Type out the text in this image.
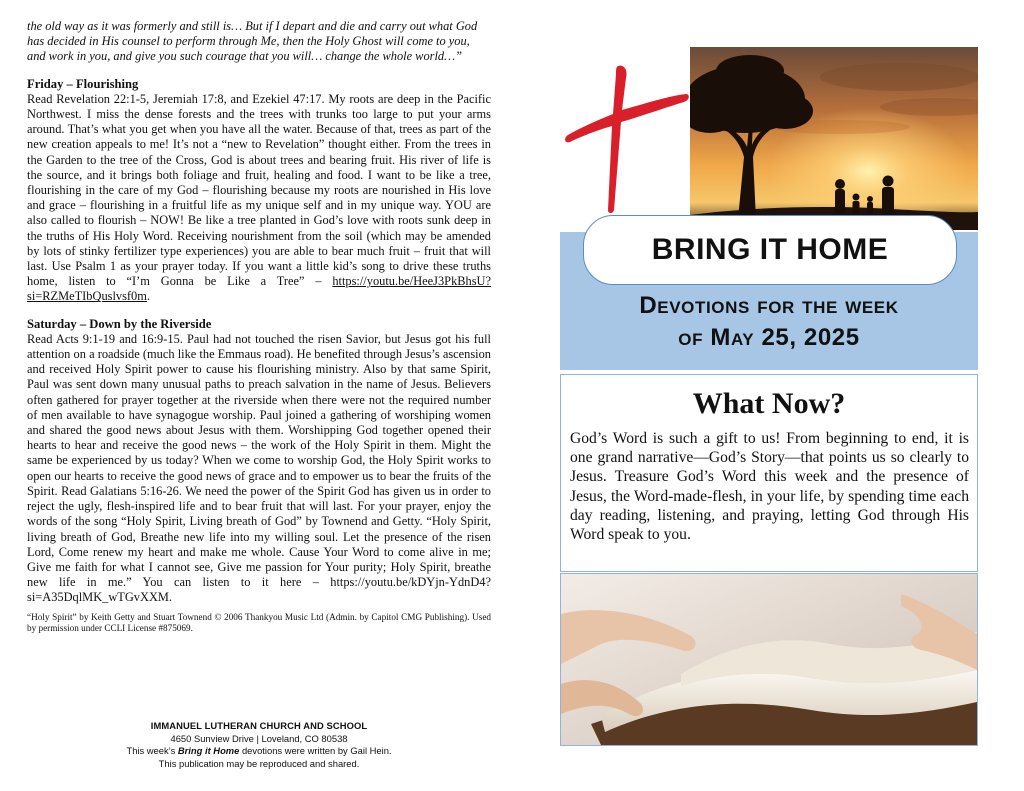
the old way as it was formerly and still is… But if I depart and die and carry out what God has decided in His counsel to perform through Me, then the Holy Ghost will come to you, and work in you, and give you such courage that you will… change the whole world…”

Friday – Flourishing

Read Revelation 22:1-5, Jeremiah 17:8, and Ezekiel 47:17. My roots are deep in the Pacific Northwest. I miss the dense forests and the trees with trunks too large to put your arms around. That’s what you get when you have all the water. Because of that, trees as part of the new creation appeals to me! It’s not a “new to Revelation” thought either. From the trees in the Garden to the tree of the Cross, God is about trees and bearing fruit. His river of life is the source, and it brings both foliage and fruit, healing and food. I want to be like a tree, flourishing in the care of my God – flourishing because my roots are nourished in His love and grace – flourishing in a fruitful life as my unique self and in my unique way. YOU are also called to flourish – NOW! Be like a tree planted in God’s love with roots sunk deep in the truths of His Holy Word. Receiving nourishment from the soil (which may be amended by lots of stinky fertilizer type experiences) you are able to bear much fruit – fruit that will last. Use Psalm 1 as your prayer today. If you want a little kid’s song to drive these truths home, listen to “I’m Gonna be Like a Tree” – https://youtu.be/HeeJ3PkBhsU?si=RZMeTIbQuslvsf0m.

Saturday – Down by the Riverside

Read Acts 9:1-19 and 16:9-15. Paul had not touched the risen Savior, but Jesus got his full attention on a roadside (much like the Emmaus road). He benefited through Jesus’s ascension and received Holy Spirit power to cause his flourishing ministry. Also by that same Spirit, Paul was sent down many unusual paths to preach salvation in the name of Jesus. Believers often gathered for prayer together at the riverside when there were not the required number of men available to have synagogue worship. Paul joined a gathering of worshiping women and shared the good news about Jesus with them. Worshipping God together opened their hearts to hear and receive the good news – the work of the Holy Spirit in them. Might the same be experienced by us today? When we come to worship God, the Holy Spirit works to open our hearts to receive the good news of grace and to empower us to bear the fruits of the Spirit. Read Galatians 5:16-26. We need the power of the Spirit God has given us in order to reject the ugly, flesh-inspired life and to bear fruit that will last. For your prayer, enjoy the words of the song “Holy Spirit, Living breath of God” by Townend and Getty. “Holy Spirit, living breath of God, Breathe new life into my willing soul. Let the presence of the risen Lord, Come renew my heart and make me whole. Cause Your Word to come alive in me; Give me faith for what I cannot see, Give me passion for Your purity; Holy Spirit, breathe new life in me.” You can listen to it here – https://youtu.be/kDYjn-YdnD4?si=A35DqlMK_wTGvXXM.

“Holy Spirit” by Keith Getty and Stuart Townend © 2006 Thankyou Music Ltd (Admin. by Capitol CMG Publishing). Used by permission under CCLI License #875069.

IMMANUEL LUTHERAN CHURCH AND SCHOOL
4650 Sunview Drive | Loveland, CO 80538
This week’s Bring it Home devotions were written by Gail Hein.
This publication may be reproduced and shared.
BRING IT HOME
Devotions for the week
of May 25, 2025
What Now?

God’s Word is such a gift to us! From beginning to end, it is one grand narrative—God’s Story—that points us so clearly to Jesus. Treasure God’s Word this week and the presence of Jesus, the Word-made-flesh, in your life, by spending time each day reading, listening, and praying, letting God through His Word speak to you.
